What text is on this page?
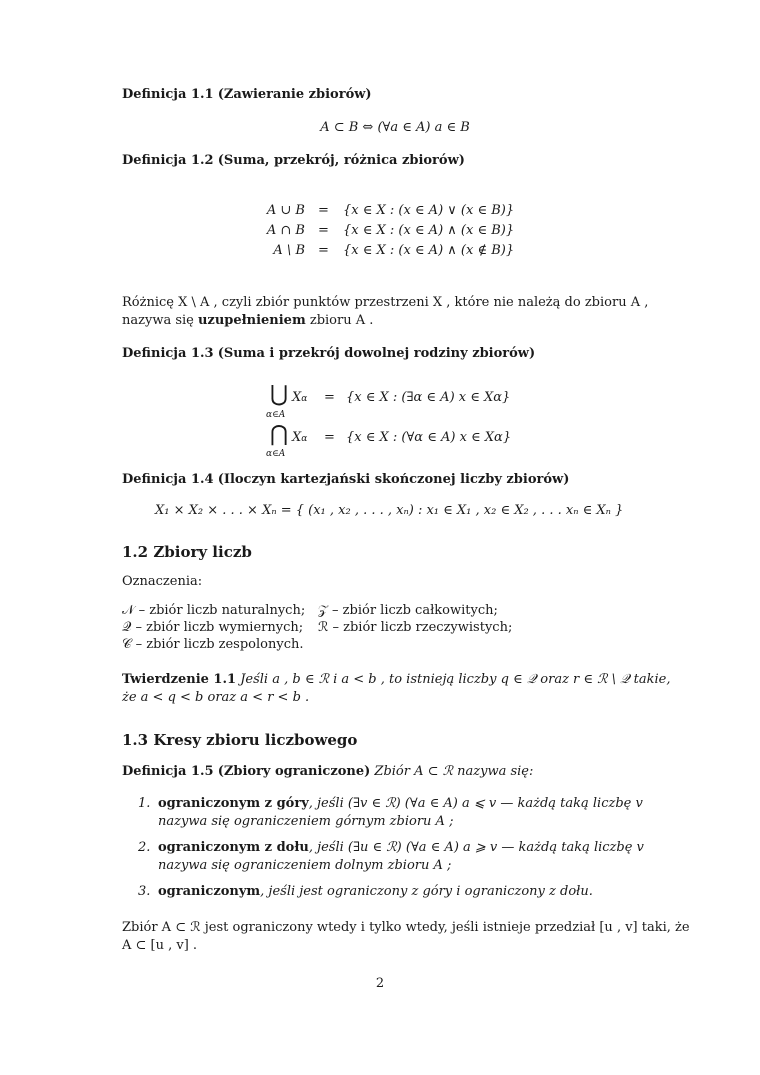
Definicja 1.1 (Zawieranie zbiorów)
A ⊂ B ⇔ (∀a ∈ A) a ∈ B
Definicja 1.2 (Suma, przekrój, różnica zbiorów)
A ∪ B = {x ∈ X : (x ∈ A) ∨ (x ∈ B)}
A ∩ B = {x ∈ X : (x ∈ A) ∧ (x ∈ B)}
A \ B = {x ∈ X : (x ∈ A) ∧ (x ∉ B)}
Różnicę X \ A , czyli zbiór punktów przestrzeni X , które nie należą do zbioru A , nazywa się uzupełnieniem zbioru A .
Definicja 1.3 (Suma i przekrój dowolnej rodziny zbiorów)
⋃
α∈A
Xα = {x ∈ X : (∃α ∈ A) x ∈ Xα}
⋂
α∈A
Xα = {x ∈ X : (∀α ∈ A) x ∈ Xα}
Definicja 1.4 (Iloczyn kartezjański skończonej liczby zbiorów)
X₁ × X₂ × . . . × Xₙ = { (x₁ , x₂ , . . . , xₙ) : x₁ ∈ X₁ , x₂ ∈ X₂ , . . . xₙ ∈ Xₙ }
1.2 Zbiory liczb
Oznaczenia:
𝒩 – zbiór liczb naturalnych;
𝒬 – zbiór liczb wymiernych;
𝒞 – zbiór liczb zespolonych.
𝒵 – zbiór liczb całkowitych;
ℛ – zbiór liczb rzeczywistych;
Twierdzenie 1.1 Jeśli a , b ∈ ℛ i a < b , to istnieją liczby q ∈ 𝒬 oraz r ∈ ℛ \ 𝒬 takie,
że a < q < b oraz a < r < b .
1.3 Kresy zbioru liczbowego
Definicja 1.5 (Zbiory ograniczone) Zbiór A ⊂ ℛ nazywa się:
1. ograniczonym z góry, jeśli (∃v ∈ ℛ) (∀a ∈ A) a ⩽ v — każdą taką liczbę v
nazywa się ograniczeniem górnym zbioru A ;
2. ograniczonym z dołu, jeśli (∃u ∈ ℛ) (∀a ∈ A) a ⩾ v — każdą taką liczbę v
nazywa się ograniczeniem dolnym zbioru A ;
3. ograniczonym, jeśli jest ograniczony z góry i ograniczony z dołu.
Zbiór A ⊂ ℛ jest ograniczony wtedy i tylko wtedy, jeśli istnieje przedział [u , v] taki, że
A ⊂ [u , v] .
2
